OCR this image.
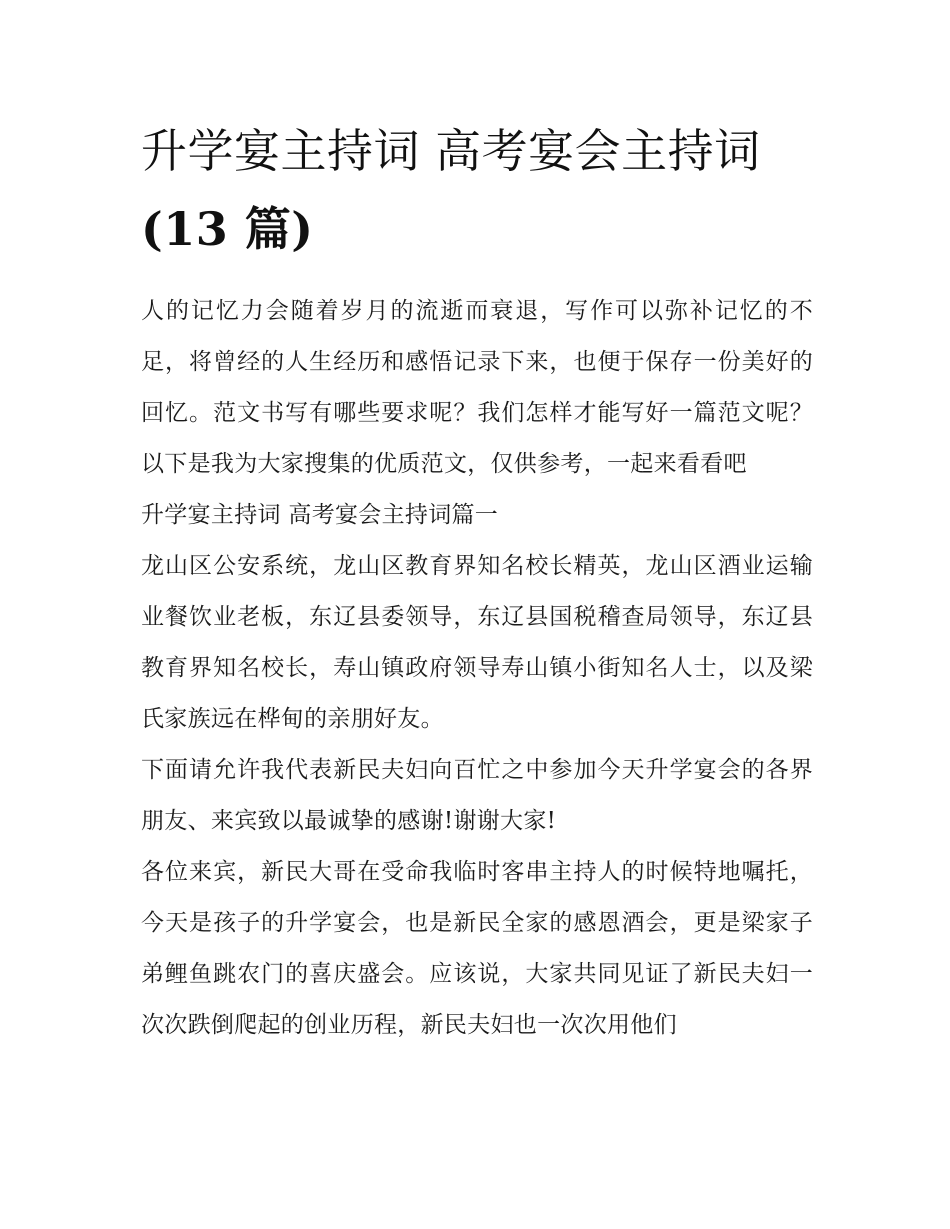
升学宴主持词 高考宴会主持词
(13 篇)

人的记忆力会随着岁月的流逝而衰退，写作可以弥补记忆的不足，将曾经的人生经历和感悟记录下来，也便于保存一份美好的回忆。范文书写有哪些要求呢？我们怎样才能写好一篇范文呢？以下是我为大家搜集的优质范文，仅供参考，一起来看看吧

升学宴主持词 高考宴会主持词篇一

龙山区公安系统，龙山区教育界知名校长精英，龙山区酒业运输业餐饮业老板，东辽县委领导，东辽县国税稽查局领导，东辽县教育界知名校长，寿山镇政府领导寿山镇小街知名人士，以及梁氏家族远在桦甸的亲朋好友。

下面请允许我代表新民夫妇向百忙之中参加今天升学宴会的各界朋友、来宾致以最诚挚的感谢!谢谢大家!

各位来宾，新民大哥在受命我临时客串主持人的时候特地嘱托，今天是孩子的升学宴会，也是新民全家的感恩酒会，更是梁家子弟鲤鱼跳农门的喜庆盛会。应该说，大家共同见证了新民夫妇一次次跌倒爬起的创业历程，新民夫妇也一次次用他们
